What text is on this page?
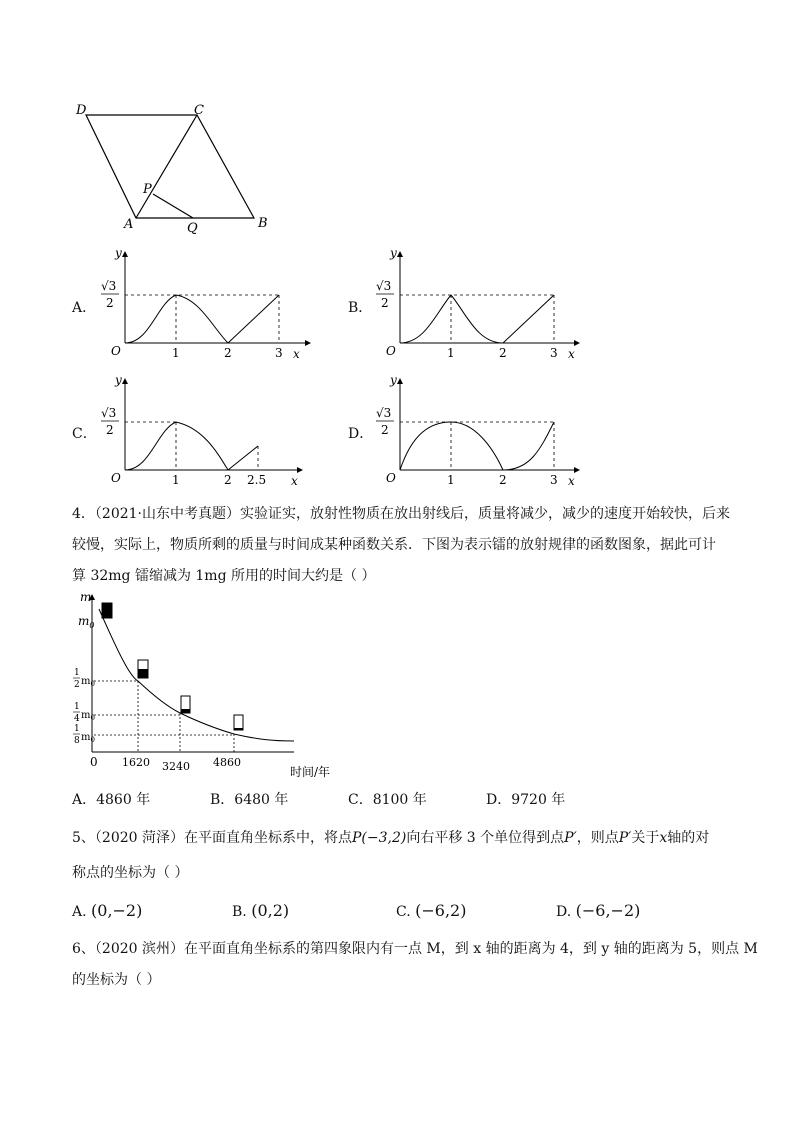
D	C
P
A	Q	B
A．
y
x
O
√3
2
1	2	3
B．
y
x
O
√3
2
1	2	3
C．
y
x
O
√3
2
1	2 2.5
D．
y
x
O
√3
2
1	2	3
4．（2021·山东中考真题）实验证实，放射性物质在放出射线后，质量将减少，减少的速度开始较快，后来
较慢，实际上，物质所剩的质量与时间成某种函数关系．下图为表示镭的放射规律的函数图象，据此可计
算 32mg 镭缩减为 1mg 所用的时间大约是（ ）
m
$m_0$
1
2 $m_0$
1
4 $m_0$
1
8 $m_0$
0 1620 3240 4860
时间/年
A．4860 年	B．6480 年	C．8100 年	D．9720 年
5、（2020 菏泽）在平面直角坐标系中，将点P(−3,2)向右平移 3 个单位得到点P′，则点P′关于x轴的对
称点的坐标为（ ）
A. (0,−2)	B. (0,2)	C. (−6,2)	D. (−6,−2)
6、（2020 滨州）在平面直角坐标系的第四象限内有一点 M，到 x 轴的距离为 4，到 y 轴的距离为 5，则点 M
的坐标为（ ）
